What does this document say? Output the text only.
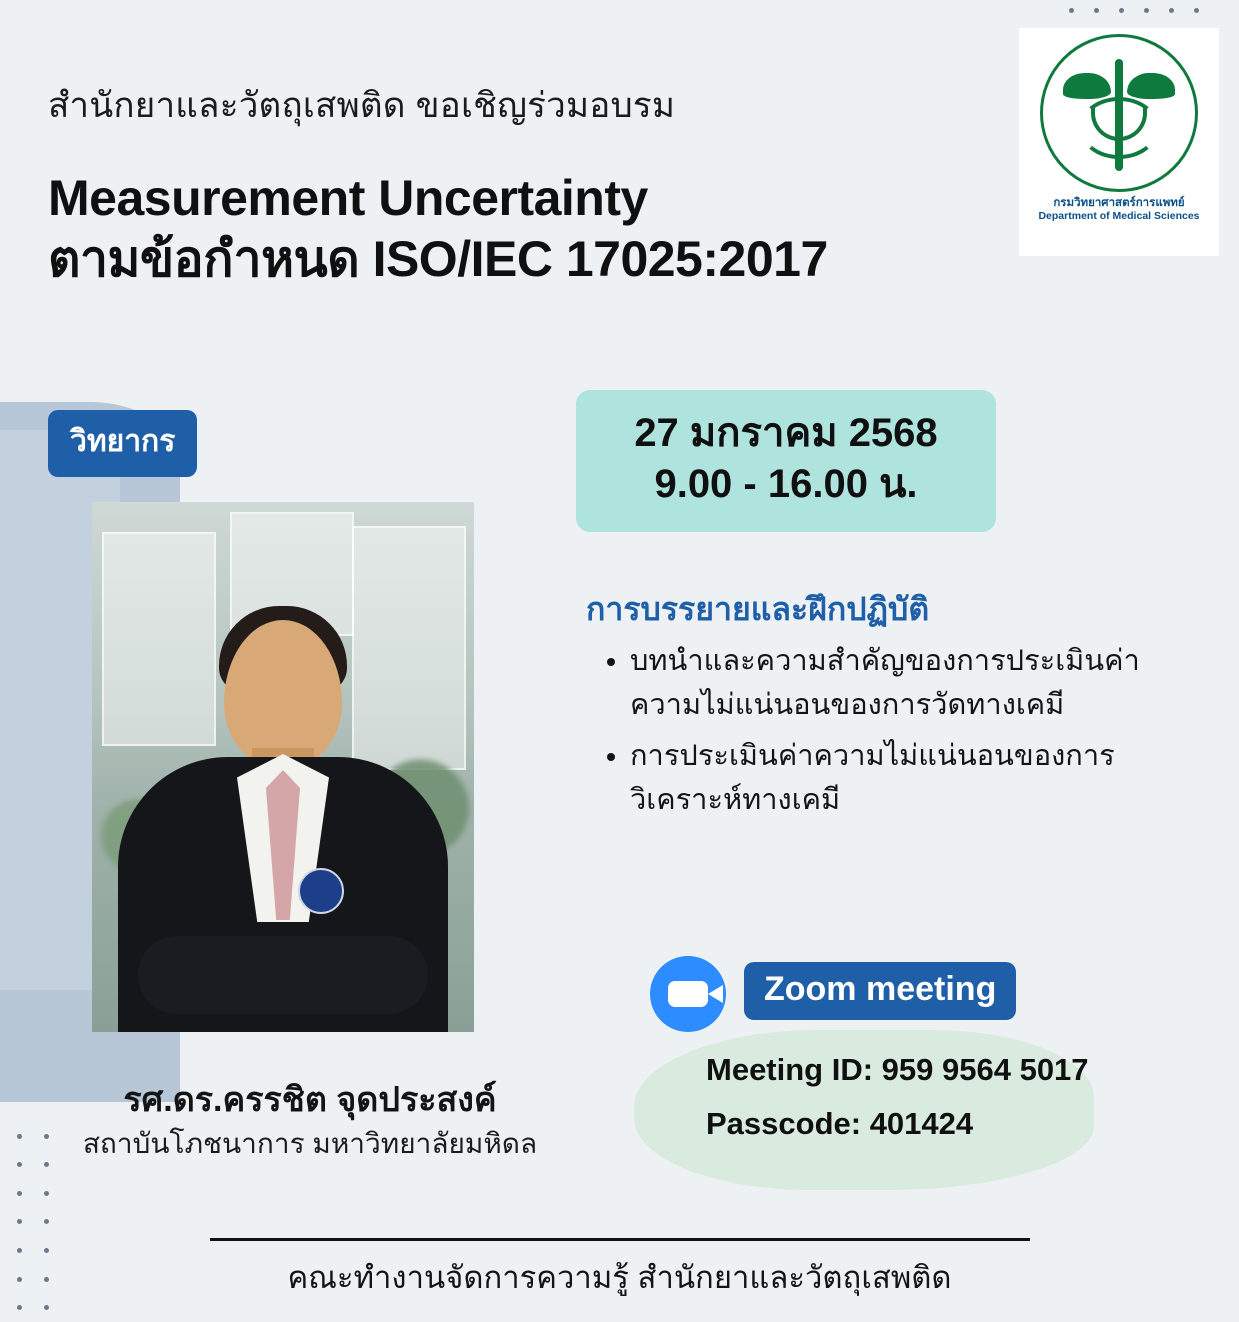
สำนักยาและวัตถุเสพติด ขอเชิญร่วมอบรม
Measurement Uncertainty
ตามข้อกำหนด ISO/IEC 17025:2017
กรมวิทยาศาสตร์การแพทย์
Department of Medical Sciences
วิทยากร
รศ.ดร.ครรชิต จุดประสงค์
สถาบันโภชนาการ มหาวิทยาลัยมหิดล
27 มกราคม 2568
9.00 - 16.00 น.
การบรรยายและฝึกปฏิบัติ
• บทนำและความสำคัญของการประเมินค่าความไม่แน่นอนของการวัดทางเคมี
• การประเมินค่าความไม่แน่นอนของการวิเคราะห์ทางเคมี
Zoom meeting
Meeting ID: 959 9564 5017
Passcode: 401424
คณะทำงานจัดการความรู้ สำนักยาและวัตถุเสพติด
